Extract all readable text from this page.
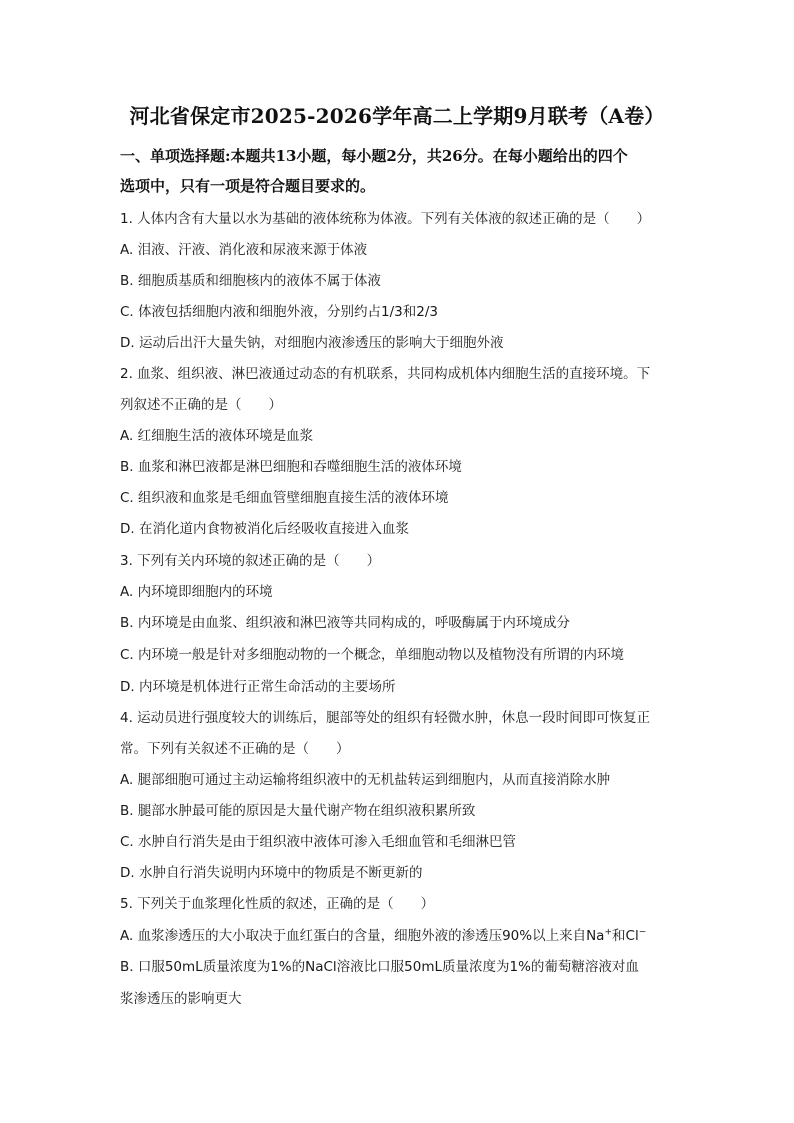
河北省保定市2025-2026学年高二上学期9月联考（A卷）
一、单项选择题:本题共13小题，每小题2分，共26分。在每小题给出的四个
选项中，只有一项是符合题目要求的。
1. 人体内含有大量以水为基础的液体统称为体液。下列有关体液的叙述正确的是（　　）
A. 泪液、汗液、消化液和尿液来源于体液
B. 细胞质基质和细胞核内的液体不属于体液
C. 体液包括细胞内液和细胞外液，分别约占1/3和2/3
D. 运动后出汗大量失钠，对细胞内液渗透压的影响大于细胞外液
2. 血浆、组织液、淋巴液通过动态的有机联系，共同构成机体内细胞生活的直接环境。下
列叙述不正确的是（　　）
A. 红细胞生活的液体环境是血浆
B. 血浆和淋巴液都是淋巴细胞和吞噬细胞生活的液体环境
C. 组织液和血浆是毛细血管壁细胞直接生活的液体环境
D. 在消化道内食物被消化后经吸收直接进入血浆
3. 下列有关内环境的叙述正确的是（　　）
A. 内环境即细胞内的环境
B. 内环境是由血浆、组织液和淋巴液等共同构成的，呼吸酶属于内环境成分
C. 内环境一般是针对多细胞动物的一个概念，单细胞动物以及植物没有所谓的内环境
D. 内环境是机体进行正常生命活动的主要场所
4. 运动员进行强度较大的训练后，腿部等处的组织有轻微水肿，休息一段时间即可恢复正
常。下列有关叙述不正确的是（　　）
A. 腿部细胞可通过主动运输将组织液中的无机盐转运到细胞内，从而直接消除水肿
B. 腿部水肿最可能的原因是大量代谢产物在组织液积累所致
C. 水肿自行消失是由于组织液中液体可渗入毛细血管和毛细淋巴管
D. 水肿自行消失说明内环境中的物质是不断更新的
5. 下列关于血浆理化性质的叙述，正确的是（　　）
A. 血浆渗透压的大小取决于血红蛋白的含量，细胞外液的渗透压90%以上来自Na+和Cl−
B. 口服50mL质量浓度为1%的NaCl溶液比口服50mL质量浓度为1%的葡萄糖溶液对血
浆渗透压的影响更大
